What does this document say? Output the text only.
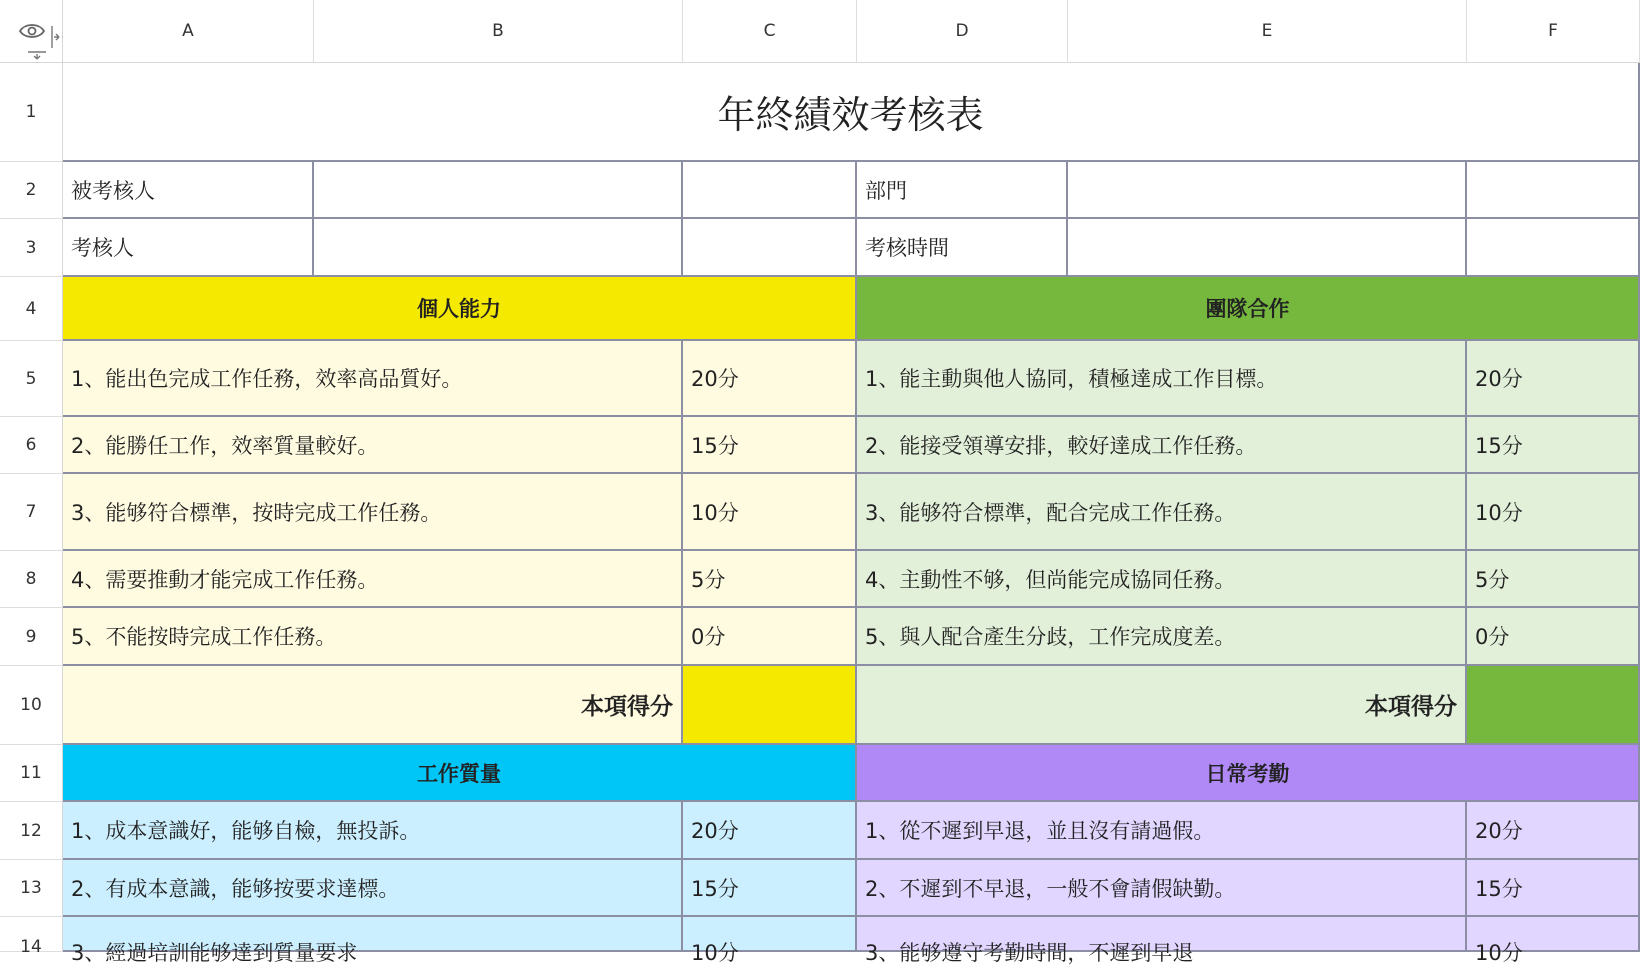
A	B	C	D	E	F
1
2
3
4
5
6
7
8
9
10
11
12
13
14
年終績效考核表
被考核人	部門
考核人	考核時間
個人能力	團隊合作
1、能出色完成工作任務，效率高品質好。	20分	1、能主動與他人協同，積極達成工作目標。	20分
2、能勝任工作，效率質量較好。	15分	2、能接受領導安排，較好達成工作任務。	15分
3、能够符合標準，按時完成工作任務。	10分	3、能够符合標準，配合完成工作任務。	10分
4、需要推動才能完成工作任務。	5分	4、主動性不够，但尚能完成協同任務。	5分
5、不能按時完成工作任務。	0分	5、與人配合產生分歧，工作完成度差。	0分
本項得分	本項得分
工作質量	日常考勤
1、成本意識好，能够自檢，無投訴。	20分	1、從不遲到早退，並且沒有請過假。	20分
2、有成本意識，能够按要求達標。	15分	2、不遲到不早退，一般不會請假缺勤。	15分
3、經過培訓能够達到質量要求	10分	3、能够遵守考勤時間，不遲到早退	10分
